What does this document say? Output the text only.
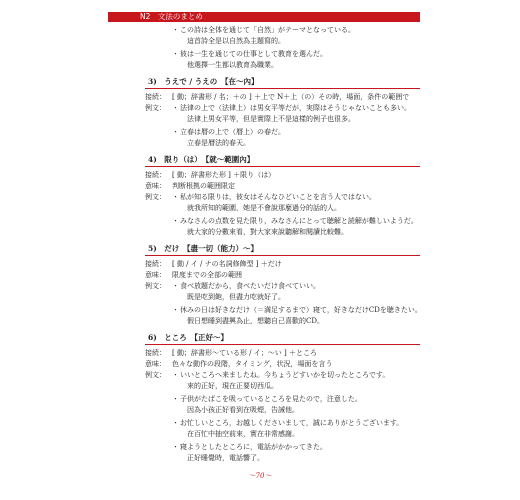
N2　文法のまとめ
・この詩は全体を通じて「自然」がテーマとなっている。
這首詩全是以自然為主題寫的。
・彼は一生を通じての仕事として教育を選んだ。
他選擇一生都以教育為職業。
3)　うえで / うえの　【在～內】
接続： [ 動；辞書形 / 名；＋の ] ＋上で N＋上（の）その時，場面，条件の範囲で
例文： ・法律の上で（法律上）は男女平等だが，実際はそうじゃないことも多い。
法律上男女平等，但是實際上不是這樣的例子也很多。
・立春は暦の上で（暦上）の春だ。
立春是曆法的春天。
4)　限り（は）　【就～範圍內】
接続： [ 動；辞書形た形 ] ＋限り（は）
意味： 判断根拠の範囲限定
例文： ・私が知る限りは，彼女はそんなひどいことを言う人ではない。
就我所知的範圍，她是不會說那麼過分的話的人。
・みなさんの点数を見た限り，みなさんにとって聴解と読解が難しいようだ。
就大家的分數來看，對大家來說聽解和閱讀比較難。
5)　だけ　【盡一切（能力）～】
接続： [ 動 / イ / ナの名詞修飾型 ] ＋だけ
意味： 限度までの全部の範囲
例文： ・食べ放題だから，食べたいだけ食べていい。
既是吃到飽，但盡力吃就好了。
・休みの日は好きなだけ（＝満足するまで）寝て，好きなだけCDを聴きたい。
假日想睡到盡興為止，想聽自己喜歡的CD。
6)　ところ　【正好～】
接続： [ 動；辞書形～ている形 / イ；～い ] ＋ところ
意味： 色々な動作の段階，タイミング，状況，場面を言う
例文： ・いいところへ来ましたね。今ちょうどすいかを切ったところです。
來的正好，現在正要切西瓜。
・子供がたばこを吸っているところを見たので，注意した。
因為小孩正好看到在吸煙，告誡他。
・お忙しいところ，お越しくださいまして，誠にありがとうございます。
在百忙中抽空前來，實在非常感謝。
・寝ようとしたところに，電話がかかってきた。
正好睡覺時，電話響了。
～70～
